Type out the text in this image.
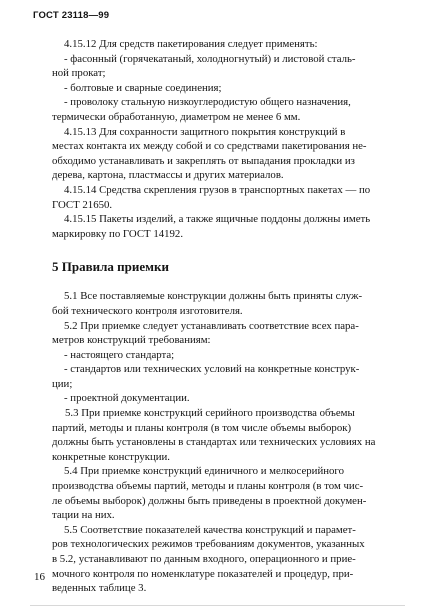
ГОСТ 23118—99
4.15.12 Для средств пакетирования следует применять:
- фасонный (горячекатаный, холодногнутый) и листовой сталь-
ной прокат;
- болтовые и сварные соединения;
- проволоку стальную низкоуглеродистую общего назначения,
термически обработанную, диаметром не менее 6 мм.
4.15.13 Для сохранности защитного покрытия конструкций в
местах контакта их между собой и со средствами пакетирования не-
обходимо устанавливать и закреплять от выпадания прокладки из
дерева, картона, пластмассы и других материалов.
4.15.14 Средства скрепления грузов в транспортных пакетах — по
ГОСТ 21650.
4.15.15 Пакеты изделий, а также ящичные поддоны должны иметь
маркировку по ГОСТ 14192.
5 Правила приемки
5.1 Все поставляемые конструкции должны быть приняты служ-
бой технического контроля изготовителя.
5.2 При приемке следует устанавливать соответствие всех пара-
метров конструкций требованиям:
- настоящего стандарта;
- стандартов или технических условий на конкретные конструк-
ции;
- проектной документации.
5.3 При приемке конструкций серийного производства объемы
партий, методы и планы контроля (в том числе объемы выборок)
должны быть установлены в стандартах или технических условиях на
конкретные конструкции.
5.4 При приемке конструкций единичного и мелкосерийного
производства объемы партий, методы и планы контроля (в том чис-
ле объемы выборок) должны быть приведены в проектной докумен-
тации на них.
5.5 Соответствие показателей качества конструкций и парамет-
ров технологических режимов требованиям документов, указанных
в 5.2, устанавливают по данным входного, операционного и прие-
мочного контроля по номенклатуре показателей и процедур, при-
веденных таблице 3.
16
